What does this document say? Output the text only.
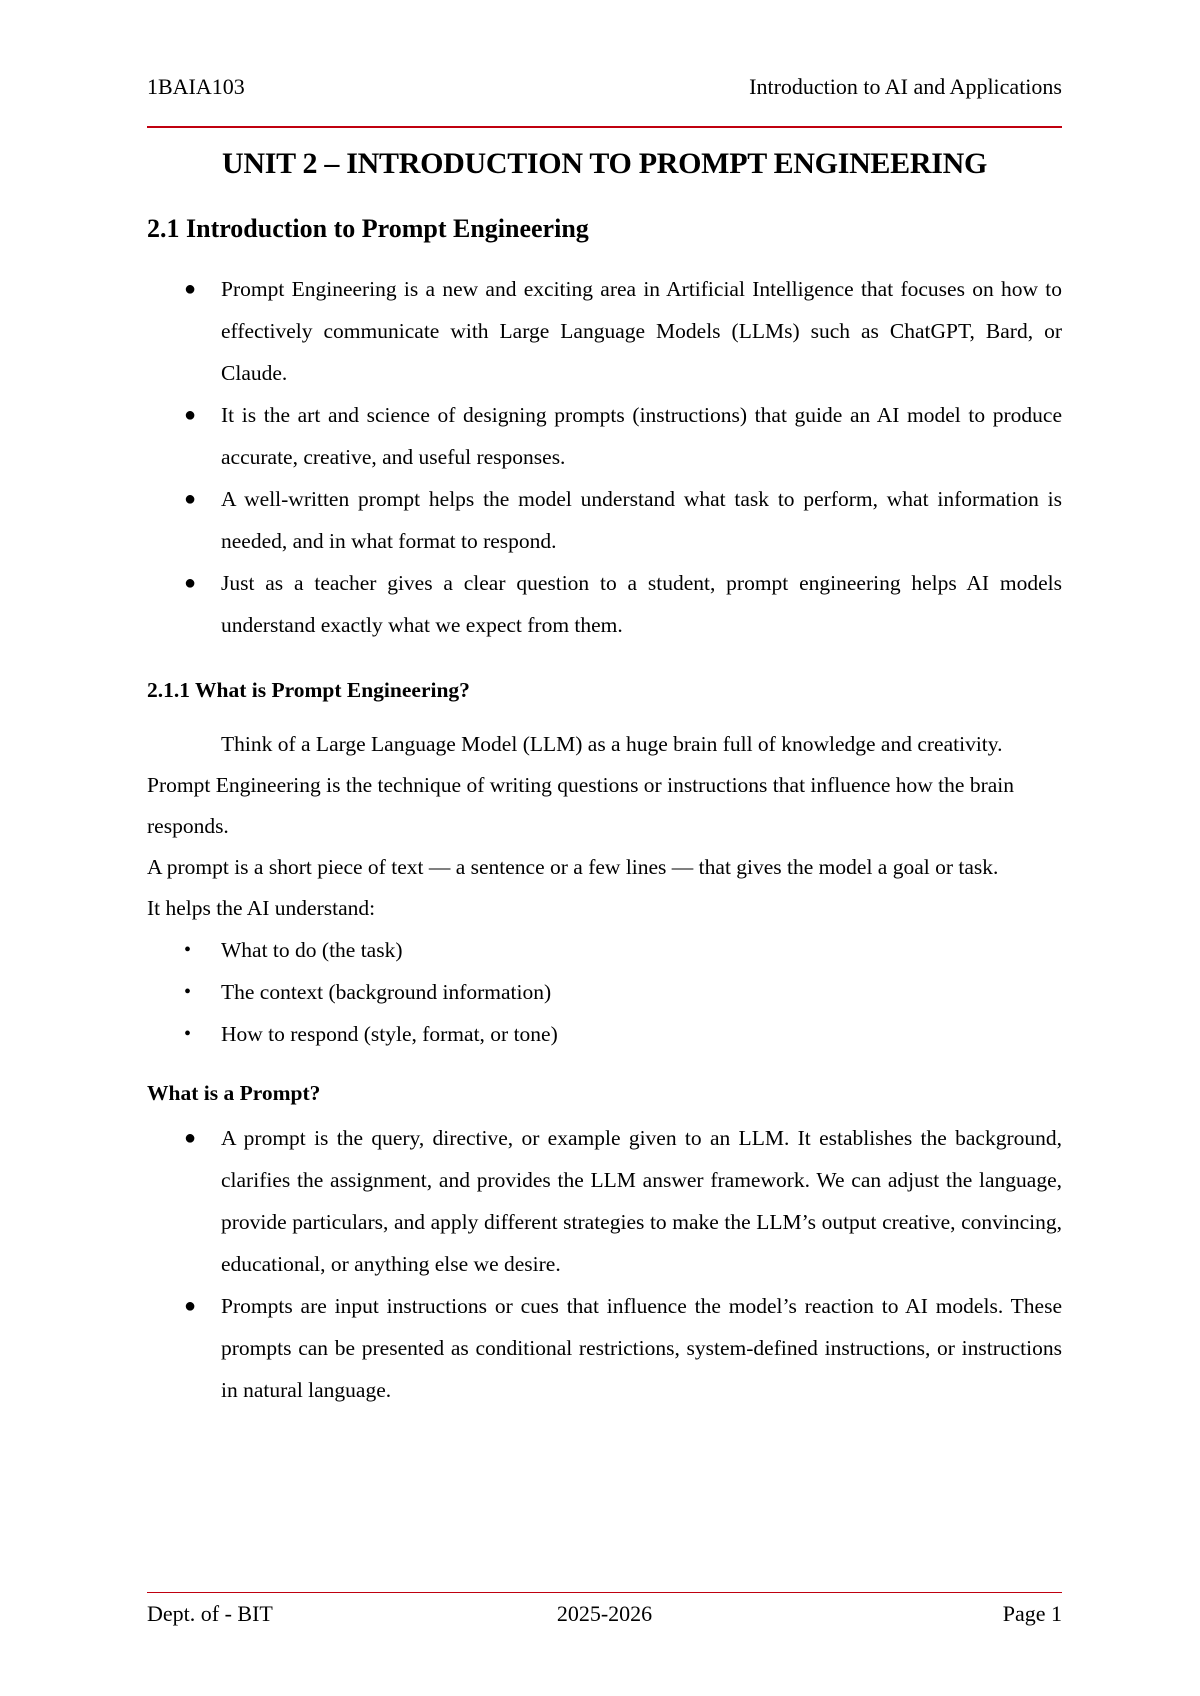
1BAIA103	Introduction to AI and Applications
UNIT 2 – INTRODUCTION TO PROMPT ENGINEERING
2.1 Introduction to Prompt Engineering
●	Prompt Engineering is a new and exciting area in Artificial Intelligence that focuses on how to effectively communicate with Large Language Models (LLMs) such as ChatGPT, Bard, or Claude.
●	It is the art and science of designing prompts (instructions) that guide an AI model to produce accurate, creative, and useful responses.
●	A well-written prompt helps the model understand what task to perform, what information is needed, and in what format to respond.
●	Just as a teacher gives a clear question to a student, prompt engineering helps AI models understand exactly what we expect from them.
2.1.1 What is Prompt Engineering?

Think of a Large Language Model (LLM) as a huge brain full of knowledge and creativity. Prompt Engineering is the technique of writing questions or instructions that influence how the brain responds.

A prompt is a short piece of text — a sentence or a few lines — that gives the model a goal or task.

It helps the AI understand:

•	What to do (the task)
•	The context (background information)
•	How to respond (style, format, or tone)
What is a Prompt?
●	A prompt is the query, directive, or example given to an LLM. It establishes the background, clarifies the assignment, and provides the LLM answer framework. We can adjust the language, provide particulars, and apply different strategies to make the LLM’s output creative, convincing, educational, or anything else we desire.
●	Prompts are input instructions or cues that influence the model’s reaction to AI models. These prompts can be presented as conditional restrictions, system-defined instructions, or instructions in natural language.
Dept. of - BIT	2025-2026	Page 1
